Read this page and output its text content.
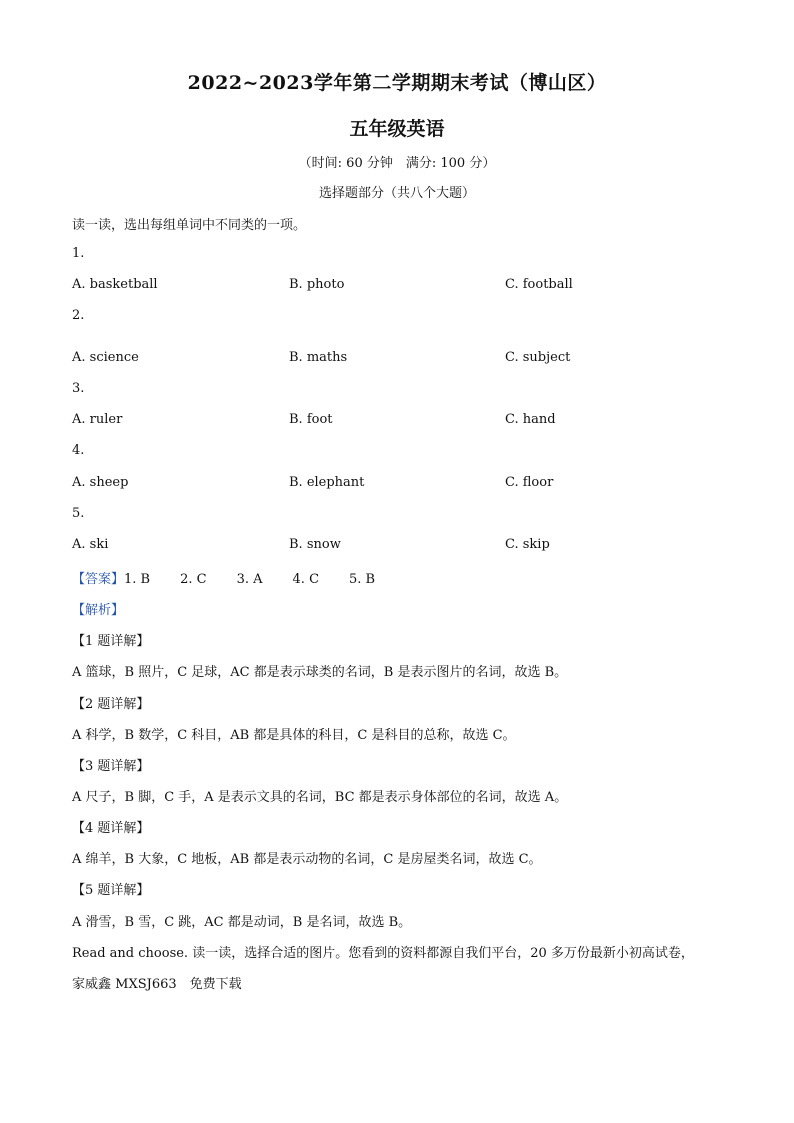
2022~2023学年第二学期期末考试（博山区）
五年级英语
（时间: 60 分钟　满分: 100 分）
选择题部分（共八个大题）
读一读，选出每组单词中不同类的一项。
1.
A. basketball	B. photo	C. football
2.
A. science	B. maths	C. subject
3.
A. ruler	B. foot	C. hand
4.
A. sheep	B. elephant	C. floor
5.
A. ski	B. snow	C. skip
【答案】1. B 2. C 3. A 4. C 5. B
【解析】
【1 题详解】
A 篮球，B 照片，C 足球，AC 都是表示球类的名词，B 是表示图片的名词，故选 B。
【2 题详解】
A 科学，B 数学，C 科目，AB 都是具体的科目，C 是科目的总称，故选 C。
【3 题详解】
A 尺子，B 脚，C 手，A 是表示文具的名词，BC 都是表示身体部位的名词，故选 A。
【4 题详解】
A 绵羊，B 大象，C 地板，AB 都是表示动物的名词，C 是房屋类名词，故选 C。
【5 题详解】
A 滑雪，B 雪，C 跳，AC 都是动词，B 是名词，故选 B。
Read and choose. 读一读，选择合适的图片。您看到的资料都源自我们平台，20 多万份最新小初高试卷，
家威鑫 MXSJ663　免费下载
